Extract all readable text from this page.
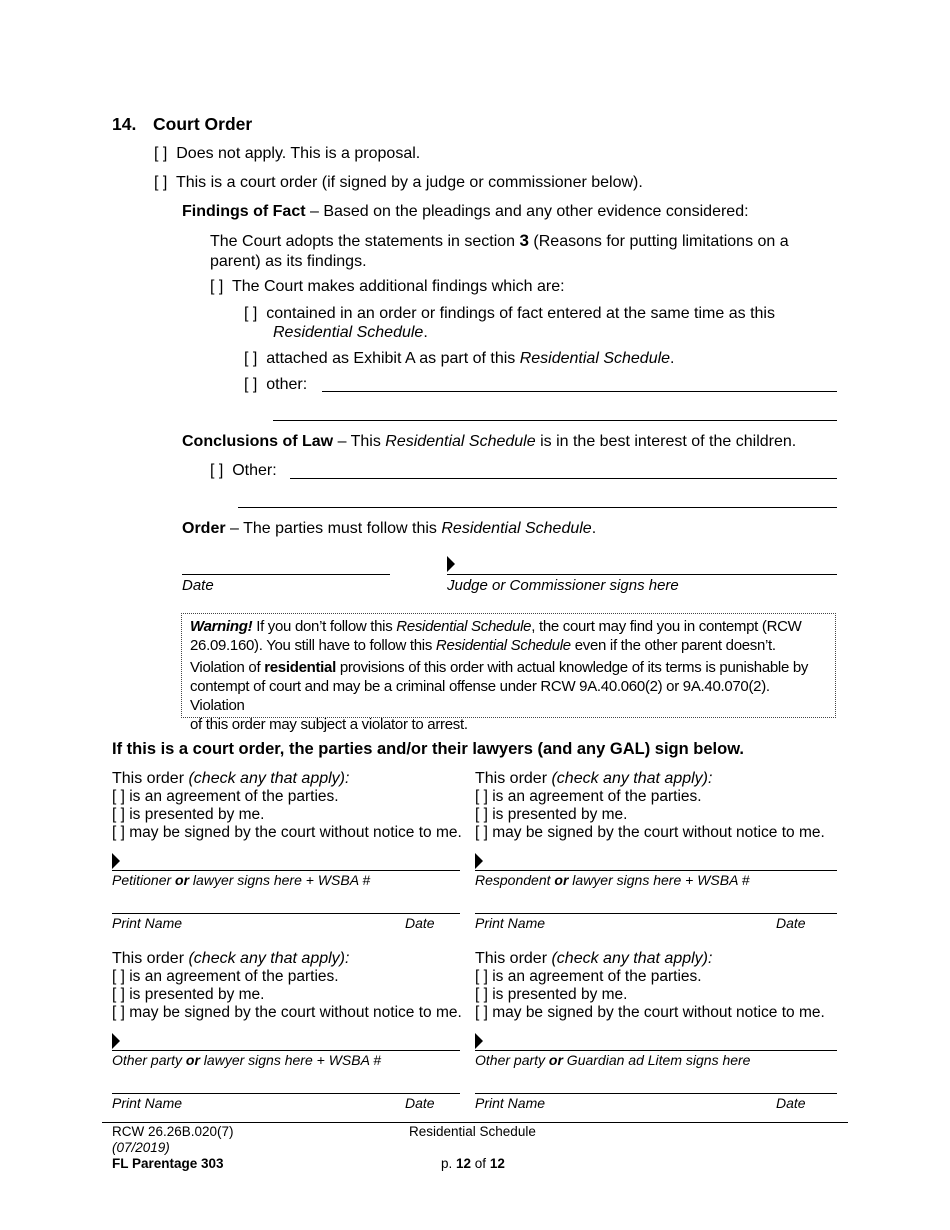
14. Court Order
[ ] Does not apply. This is a proposal.
[ ] This is a court order (if signed by a judge or commissioner below).
Findings of Fact – Based on the pleadings and any other evidence considered:
The Court adopts the statements in section 3 (Reasons for putting limitations on a
parent) as its findings.
[ ] The Court makes additional findings which are:
[ ] contained in an order or findings of fact entered at the same time as this
Residential Schedule.
[ ] attached as Exhibit A as part of this Residential Schedule.
[ ] other:
Conclusions of Law – This Residential Schedule is in the best interest of the children.
[ ] Other:
Order – The parties must follow this Residential Schedule.
Date	Judge or Commissioner signs here

Warning! If you don’t follow this Residential Schedule, the court may find you in contempt (RCW
26.09.160). You still have to follow this Residential Schedule even if the other parent doesn’t.

Violation of residential provisions of this order with actual knowledge of its terms is punishable by
contempt of court and may be a criminal offense under RCW 9A.40.060(2) or 9A.40.070(2). Violation
of this order may subject a violator to arrest.

If this is a court order, the parties and/or their lawyers (and any GAL) sign below.
This order (check any that apply):
[ ] is an agreement of the parties.
[ ] is presented by me.
[ ] may be signed by the court without notice to me.
This order (check any that apply):
[ ] is an agreement of the parties.
[ ] is presented by me.
[ ] may be signed by the court without notice to me.
Petitioner or lawyer signs here + WSBA #	Respondent or lawyer signs here + WSBA #
Print Name	Date	Print Name	Date
This order (check any that apply):
[ ] is an agreement of the parties.
[ ] is presented by me.
[ ] may be signed by the court without notice to me.
This order (check any that apply):
[ ] is an agreement of the parties.
[ ] is presented by me.
[ ] may be signed by the court without notice to me.
Other party or lawyer signs here + WSBA #	Other party or Guardian ad Litem signs here
Print Name	Date	Print Name	Date
RCW 26.26B.020(7)
(07/2019)
FL Parentage 303
Residential Schedule
p. 12 of 12
